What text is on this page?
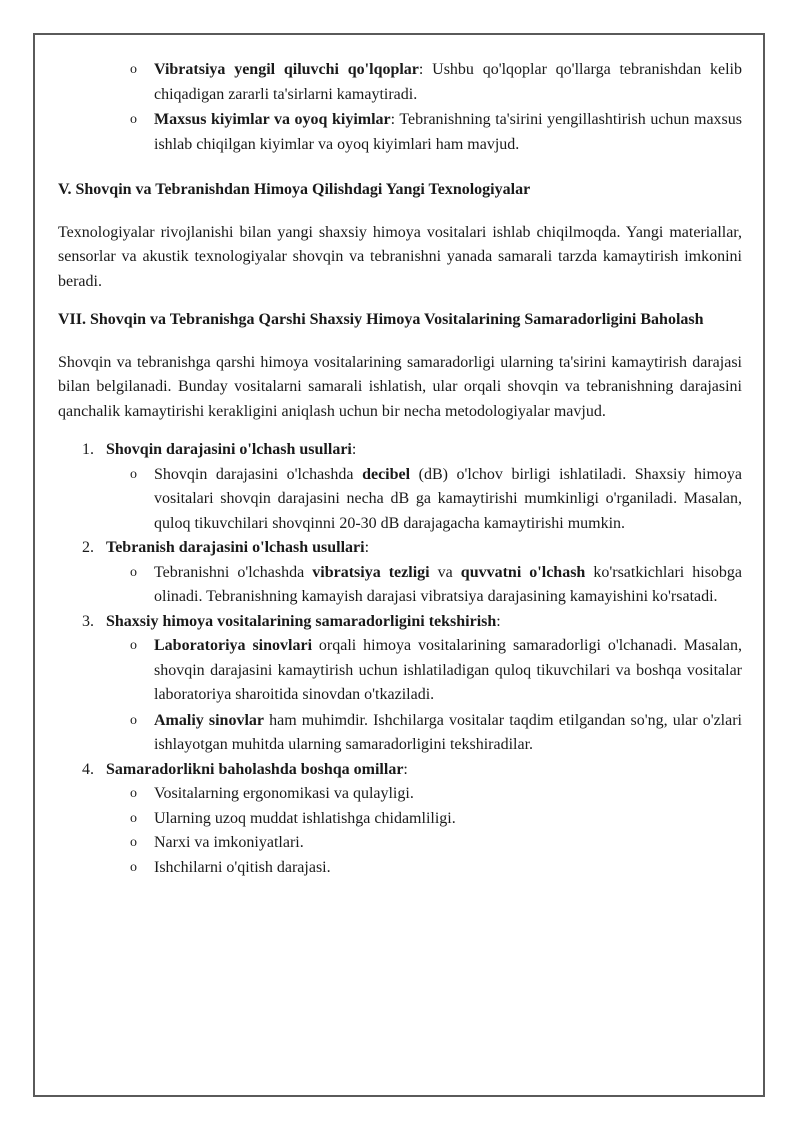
o Vibratsiya yengil qiluvchi qo'lqoplar: Ushbu qo'lqoplar qo'llarga tebranishdan kelib chiqadigan zararli ta'sirlarni kamaytiradi.
o Maxsus kiyimlar va oyoq kiyimlar: Tebranishning ta'sirini yengillashtirish uchun maxsus ishlab chiqilgan kiyimlar va oyoq kiyimlari ham mavjud.

V. Shovqin va Tebranishdan Himoya Qilishdagi Yangi Texnologiyalar

Texnologiyalar rivojlanishi bilan yangi shaxsiy himoya vositalari ishlab chiqilmoqda. Yangi materiallar, sensorlar va akustik texnologiyalar shovqin va tebranishni yanada samarali tarzda kamaytirish imkonini beradi.

VII. Shovqin va Tebranishga Qarshi Shaxsiy Himoya Vositalarining Samaradorligini Baholash

Shovqin va tebranishga qarshi himoya vositalarining samaradorligi ularning ta'sirini kamaytirish darajasi bilan belgilanadi. Bunday vositalarni samarali ishlatish, ular orqali shovqin va tebranishning darajasini qanchalik kamaytirishi kerakligini aniqlash uchun bir necha metodologiyalar mavjud.

1. Shovqin darajasini o'lchash usullari:
o Shovqin darajasini o'lchashda decibel (dB) o'lchov birligi ishlatiladi. Shaxsiy himoya vositalari shovqin darajasini necha dB ga kamaytirishi mumkinligi o'rganiladi. Masalan, quloq tikuvchilari shovqinni 20-30 dB darajagacha kamaytirishi mumkin.
2. Tebranish darajasini o'lchash usullari:
o Tebranishni o'lchashda vibratsiya tezligi va quvvatni o'lchash ko'rsatkichlari hisobga olinadi. Tebranishning kamayish darajasi vibratsiya darajasining kamayishini ko'rsatadi.
3. Shaxsiy himoya vositalarining samaradorligini tekshirish:
o Laboratoriya sinovlari orqali himoya vositalarining samaradorligi o'lchanadi. Masalan, shovqin darajasini kamaytirish uchun ishlatiladigan quloq tikuvchilari va boshqa vositalar laboratoriya sharoitida sinovdan o'tkaziladi.
o Amaliy sinovlar ham muhimdir. Ishchilarga vositalar taqdim etilgandan so'ng, ular o'zlari ishlayotgan muhitda ularning samaradorligini tekshiradilar.
4. Samaradorlikni baholashda boshqa omillar:
o Vositalarning ergonomikasi va qulayligi.
o Ularning uzoq muddat ishlatishga chidamliligi.
o Narxi va imkoniyatlari.
o Ishchilarni o'qitish darajasi.
